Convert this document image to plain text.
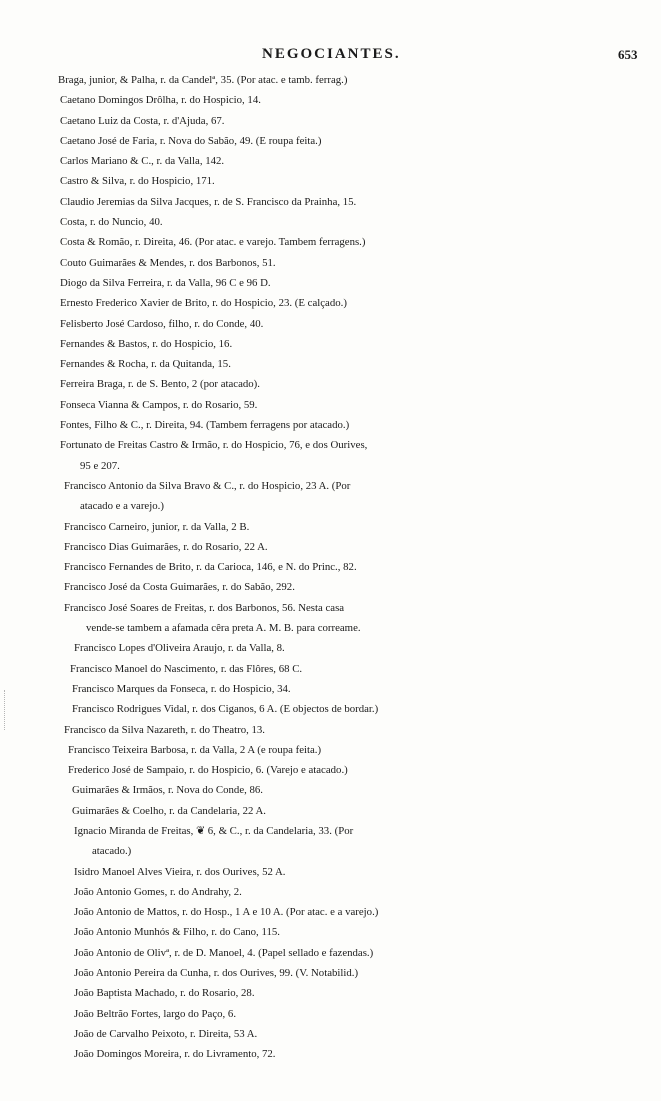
NEGOCIANTES.	653
Braga, junior, & Palha, r. da Candelª, 35. (Por atac. e tamb. ferrag.)
Caetano Domingos Drôlha, r. do Hospicio, 14.
Caetano Luiz da Costa, r. d'Ajuda, 67.
Caetano José de Faria, r. Nova do Sabão, 49. (E roupa feita.)
Carlos Mariano & C., r. da Valla, 142.
Castro & Silva, r. do Hospicio, 171.
Claudio Jeremias da Silva Jacques, r. de S. Francisco da Prainha, 15.
Costa, r. do Nuncio, 40.
Costa & Romão, r. Direita, 46. (Por atac. e varejo. Tambem ferragens.)
Couto Guimarães & Mendes, r. dos Barbonos, 51.
Diogo da Silva Ferreira, r. da Valla, 96 C e 96 D.
Ernesto Frederico Xavier de Brito, r. do Hospicio, 23. (E calçado.)
Felisberto José Cardoso, filho, r. do Conde, 40.
Fernandes & Bastos, r. do Hospicio, 16.
Fernandes & Rocha, r. da Quitanda, 15.
Ferreira Braga, r. de S. Bento, 2 (por atacado).
Fonseca Vianna & Campos, r. do Rosario, 59.
Fontes, Filho & C., r. Direita, 94. (Tambem ferragens por atacado.)
Fortunato de Freitas Castro & Irmão, r. do Hospicio, 76, e dos Ourives,
95 e 207.
Francisco Antonio da Silva Bravo & C., r. do Hospicio, 23 A. (Por
atacado e a varejo.)
Francisco Carneiro, junior, r. da Valla, 2 B.
Francisco Dias Guimarães, r. do Rosario, 22 A.
Francisco Fernandes de Brito, r. da Carioca, 146, e N. do Princ., 82.
Francisco José da Costa Guimarães, r. do Sabão, 292.
Francisco José Soares de Freitas, r. dos Barbonos, 56. Nesta casa
vende-se tambem a afamada cêra preta A. M. B. para correame.
Francisco Lopes d'Oliveira Araujo, r. da Valla, 8.
Francisco Manoel do Nascimento, r. das Flôres, 68 C.
Francisco Marques da Fonseca, r. do Hospicio, 34.
Francisco Rodrigues Vidal, r. dos Ciganos, 6 A. (E objectos de bordar.)
Francisco da Silva Nazareth, r. do Theatro, 13.
Francisco Teixeira Barbosa, r. da Valla, 2 A (e roupa feita.)
Frederico José de Sampaio, r. do Hospicio, 6. (Varejo e atacado.)
Guimarães & Irmãos, r. Nova do Conde, 86.
Guimarães & Coelho, r. da Candelaria, 22 A.
Ignacio Miranda de Freitas, ❦ 6, & C., r. da Candelaria, 33. (Por
atacado.)
Isidro Manoel Alves Vieira, r. dos Ourives, 52 A.
João Antonio Gomes, r. do Andrahy, 2.
João Antonio de Mattos, r. do Hosp., 1 A e 10 A. (Por atac. e a varejo.)
João Antonio Munhós & Filho, r. do Cano, 115.
João Antonio de Olivª, r. de D. Manoel, 4. (Papel sellado e fazendas.)
João Antonio Pereira da Cunha, r. dos Ourives, 99. (V. Notabilid.)
João Baptista Machado, r. do Rosario, 28.
João Beltrão Fortes, largo do Paço, 6.
João de Carvalho Peixoto, r. Direita, 53 A.
João Domingos Moreira, r. do Livramento, 72.
